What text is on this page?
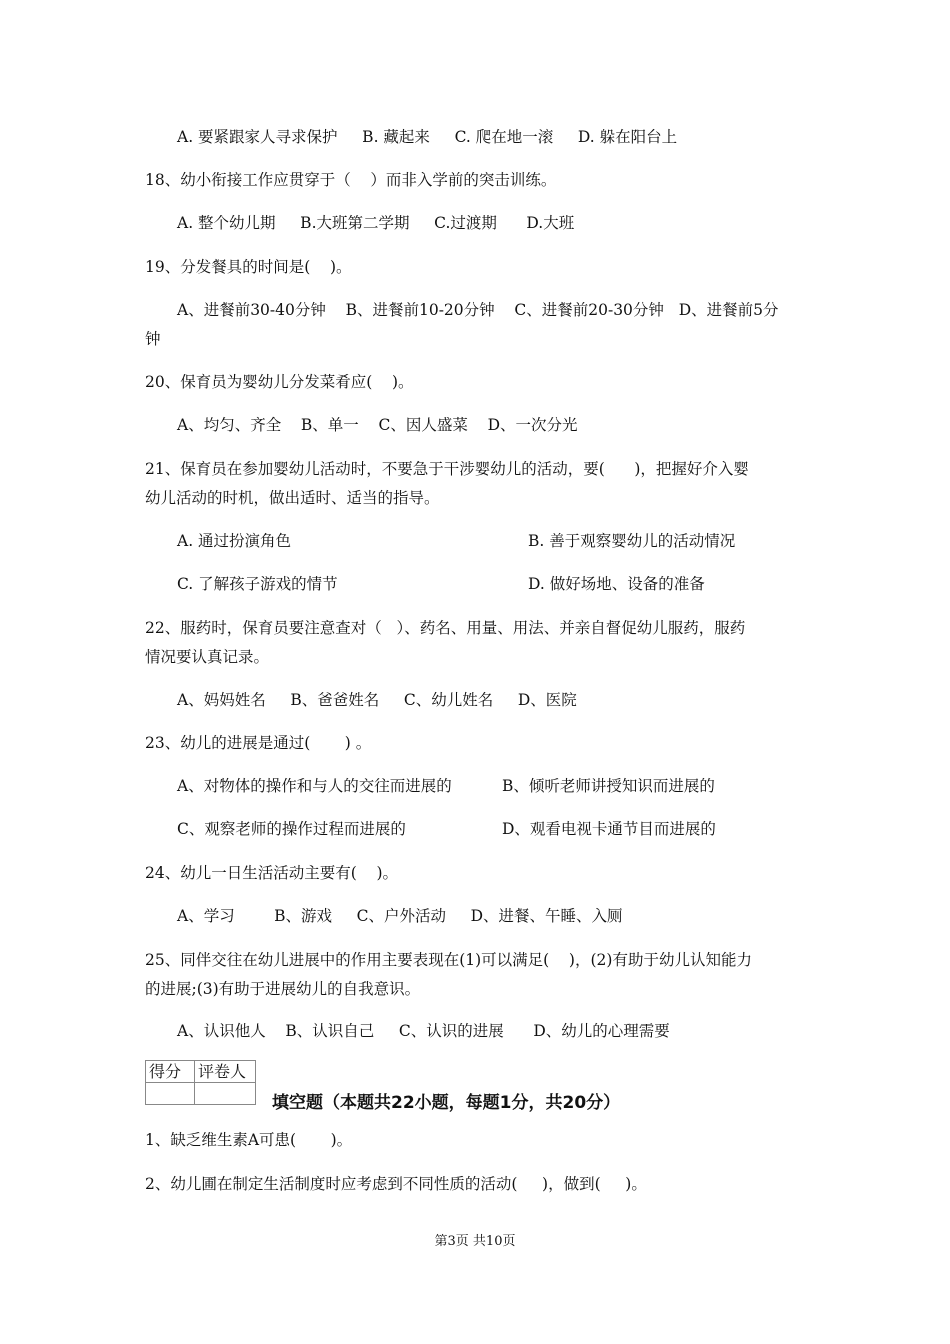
A. 要紧跟家人寻求保护     B. 藏起来     C. 爬在地一滚     D. 躲在阳台上
18、幼小衔接工作应贯穿于（    ）而非入学前的突击训练。
A. 整个幼儿期     B.大班第二学期     C.过渡期      D.大班
19、分发餐具的时间是(    )。
A、进餐前30-40分钟    B、进餐前10-20分钟    C、进餐前20-30分钟   D、进餐前5分
钟
20、保育员为婴幼儿分发菜肴应(    )。
A、均匀、齐全    B、单一    C、因人盛菜    D、一次分光
21、保育员在参加婴幼儿活动时，不要急于干涉婴幼儿的活动，要(      )，把握好介入婴
幼儿活动的时机，做出适时、适当的指导。
A. 通过扮演角色	B. 善于观察婴幼儿的活动情况
C. 了解孩子游戏的情节	D. 做好场地、设备的准备
22、服药时，保育员要注意查对（   ）、药名、用量、用法、并亲自督促幼儿服药，服药
情况要认真记录。
A、妈妈姓名     B、爸爸姓名     C、幼儿姓名     D、医院
23、幼儿的进展是通过(       ) 。
A、对物体的操作和与人的交往而进展的	B、倾听老师讲授知识而进展的
C、观察老师的操作过程而进展的	D、观看电视卡通节目而进展的
24、幼儿一日生活活动主要有(    )。
A、学习        B、游戏     C、户外活动     D、进餐、午睡、入厕
25、同伴交往在幼儿进展中的作用主要表现在(1)可以满足(    )，(2)有助于幼儿认知能力
的进展;(3)有助于进展幼儿的自我意识。
A、认识他人    B、认识自己     C、认识的进展      D、幼儿的心理需要
得分	评卷人

填空题（本题共22小题，每题1分，共20分）
1、缺乏维生素A可患(       )。
2、幼儿圃在制定生活制度时应考虑到不同性质的活动(     )，做到(     )。
第3页 共10页
